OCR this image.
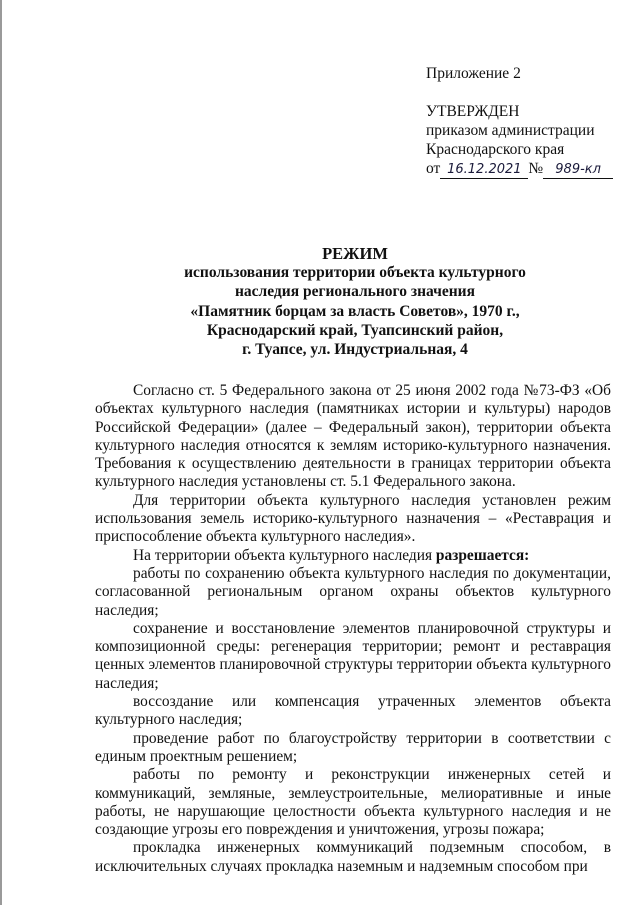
Приложение 2
УТВЕРЖДЕН
приказом администрации
Краснодарского края
от 16.12.2021 № 989-кл
РЕЖИМ
использования территории объекта культурного
наследия регионального значения
«Памятник борцам за власть Советов», 1970 г.,
Краснодарский край, Туапсинский район,
г. Туапсе, ул. Индустриальная, 4

Согласно ст. 5 Федерального закона от 25 июня 2002 года №73-ФЗ «Об объектах культурного наследия (памятниках истории и культуры) народов Российской Федерации» (далее – Федеральный закон), территории объекта культурного наследия относятся к землям историко-культурного назначения. Требования к осуществлению деятельности в границах территории объекта культурного наследия установлены ст. 5.1 Федерального закона.

Для территории объекта культурного наследия установлен режим использования земель историко-культурного назначения – «Реставрация и приспособление объекта культурного наследия».

На территории объекта культурного наследия разрешается:

работы по сохранению объекта культурного наследия по документации, согласованной региональным органом охраны объектов культурного наследия;

сохранение и восстановление элементов планировочной структуры и композиционной среды: регенерация территории; ремонт и реставрация ценных элементов планировочной структуры территории объекта культурного наследия;

воссоздание или компенсация утраченных элементов объекта культурного наследия;

проведение работ по благоустройству территории в соответствии с единым проектным решением;

работы по ремонту и реконструкции инженерных сетей и коммуникаций, земляные, землеустроительные, мелиоративные и иные работы, не нарушающие целостности объекта культурного наследия и не создающие угрозы его повреждения и уничтожения, угрозы пожара;

прокладка инженерных коммуникаций подземным способом, в исключительных случаях прокладка наземным и надземным способом при
